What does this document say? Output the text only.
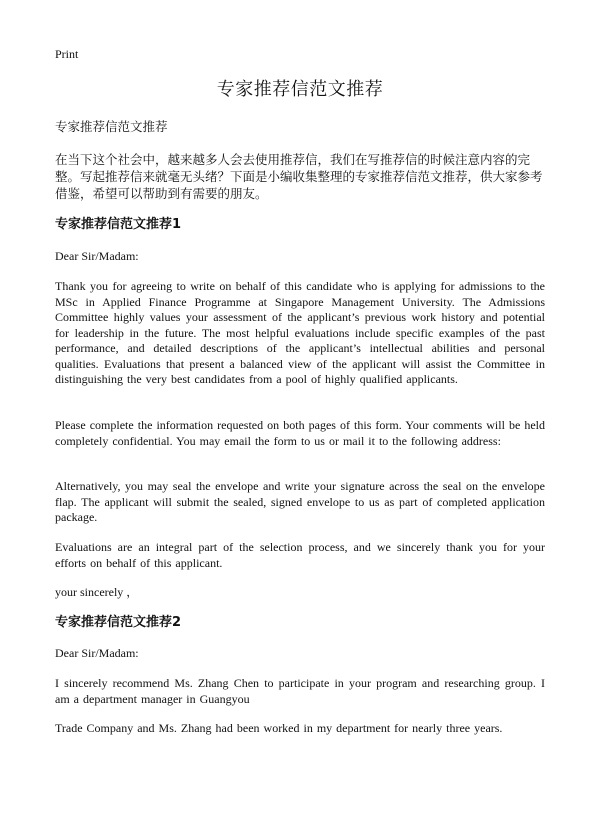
Print
专家推荐信范文推荐

专家推荐信范文推荐

在当下这个社会中，越来越多人会去使用推荐信，我们在写推荐信的时候注意内容的完整。写起推荐信来就毫无头绪？下面是小编收集整理的专家推荐信范文推荐，供大家参考借鉴，希望可以帮助到有需要的朋友。

专家推荐信范文推荐1

Dear Sir/Madam:

Thank you for agreeing to write on behalf of this candidate who is applying for admissions to the MSc in Applied Finance Programme at Singapore Management University. The Admissions Committee highly values your assessment of the applicant’s previous work history and potential for leadership in the future. The most helpful evaluations include specific examples of the past performance, and detailed descriptions of the applicant’s intellectual abilities and personal qualities. Evaluations that present a balanced view of the applicant will assist the Committee in distinguishing the very best candidates from a pool of highly qualified applicants.

Please complete the information requested on both pages of this form. Your comments will be held completely confidential. You may email the form to us or mail it to the following address:

Alternatively, you may seal the envelope and write your signature across the seal on the envelope flap. The applicant will submit the sealed, signed envelope to us as part of completed application package.

Evaluations are an integral part of the selection process, and we sincerely thank you for your efforts on behalf of this applicant.

your sincerely ，

专家推荐信范文推荐2

Dear Sir/Madam:

I sincerely recommend Ms. Zhang Chen to participate in your program and researching group. I am a department manager in Guangyou

Trade Company and Ms. Zhang had been worked in my department for nearly three years.
